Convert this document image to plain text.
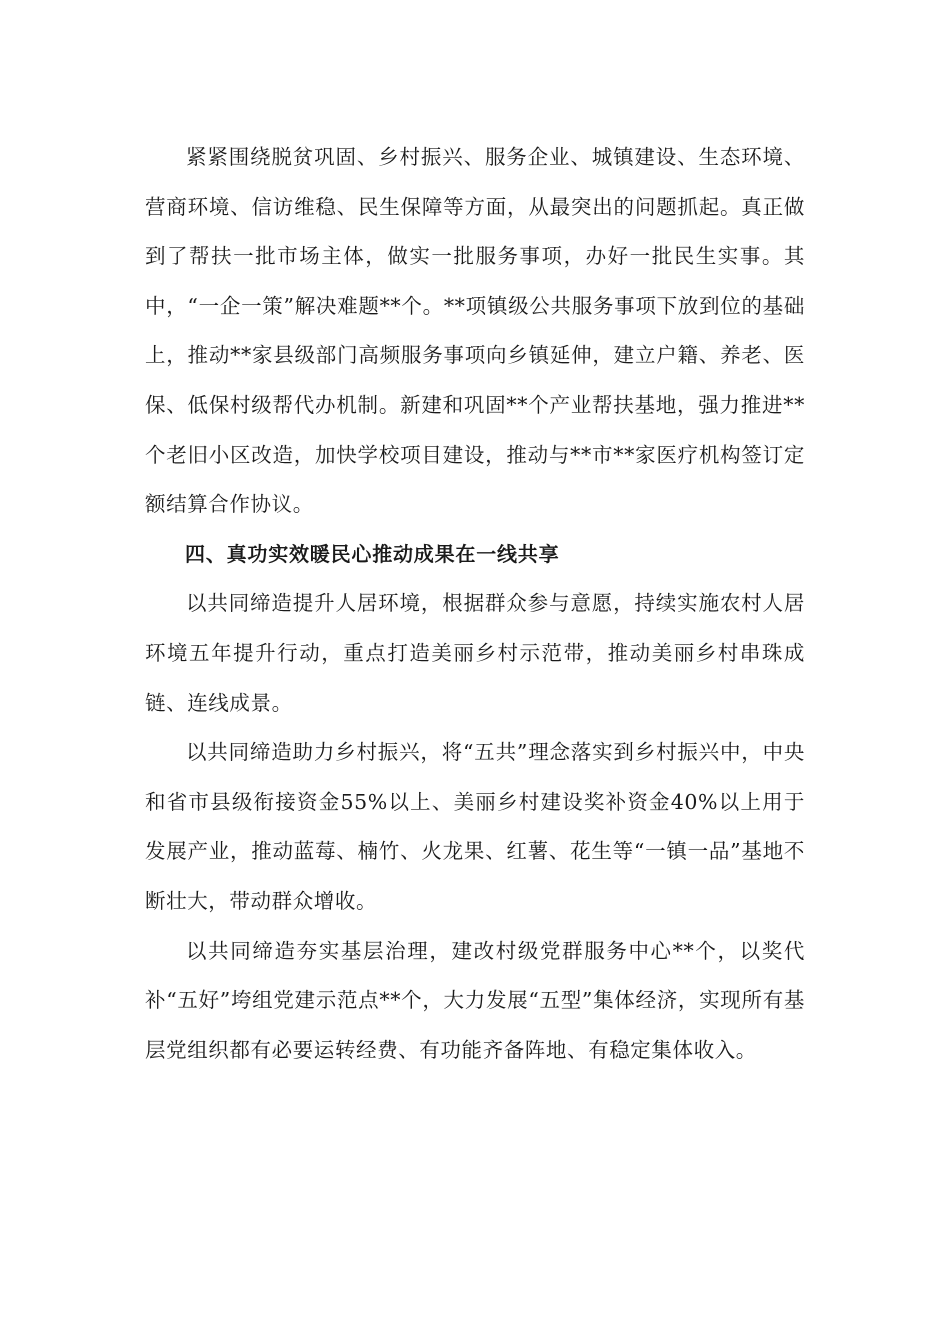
紧紧围绕脱贫巩固、乡村振兴、服务企业、城镇建设、生态环境、营商环境、信访维稳、民生保障等方面，从最突出的问题抓起。真正做到了帮扶一批市场主体，做实一批服务事项，办好一批民生实事。其中，“一企一策”解决难题**个。**项镇级公共服务事项下放到位的基础上，推动**家县级部门高频服务事项向乡镇延伸，建立户籍、养老、医保、低保村级帮代办机制。新建和巩固**个产业帮扶基地，强力推进**个老旧小区改造，加快学校项目建设，推动与**市**家医疗机构签订定额结算合作协议。

四、真功实效暖民心推动成果在一线共享

以共同缔造提升人居环境，根据群众参与意愿，持续实施农村人居环境五年提升行动，重点打造美丽乡村示范带，推动美丽乡村串珠成链、连线成景。

以共同缔造助力乡村振兴，将“五共”理念落实到乡村振兴中，中央和省市县级衔接资金55%以上、美丽乡村建设奖补资金40%以上用于发展产业，推动蓝莓、楠竹、火龙果、红薯、花生等“一镇一品”基地不断壮大，带动群众增收。

以共同缔造夯实基层治理，建改村级党群服务中心**个，以奖代补“五好”垮组党建示范点**个，大力发展“五型”集体经济，实现所有基层党组织都有必要运转经费、有功能齐备阵地、有稳定集体收入。
